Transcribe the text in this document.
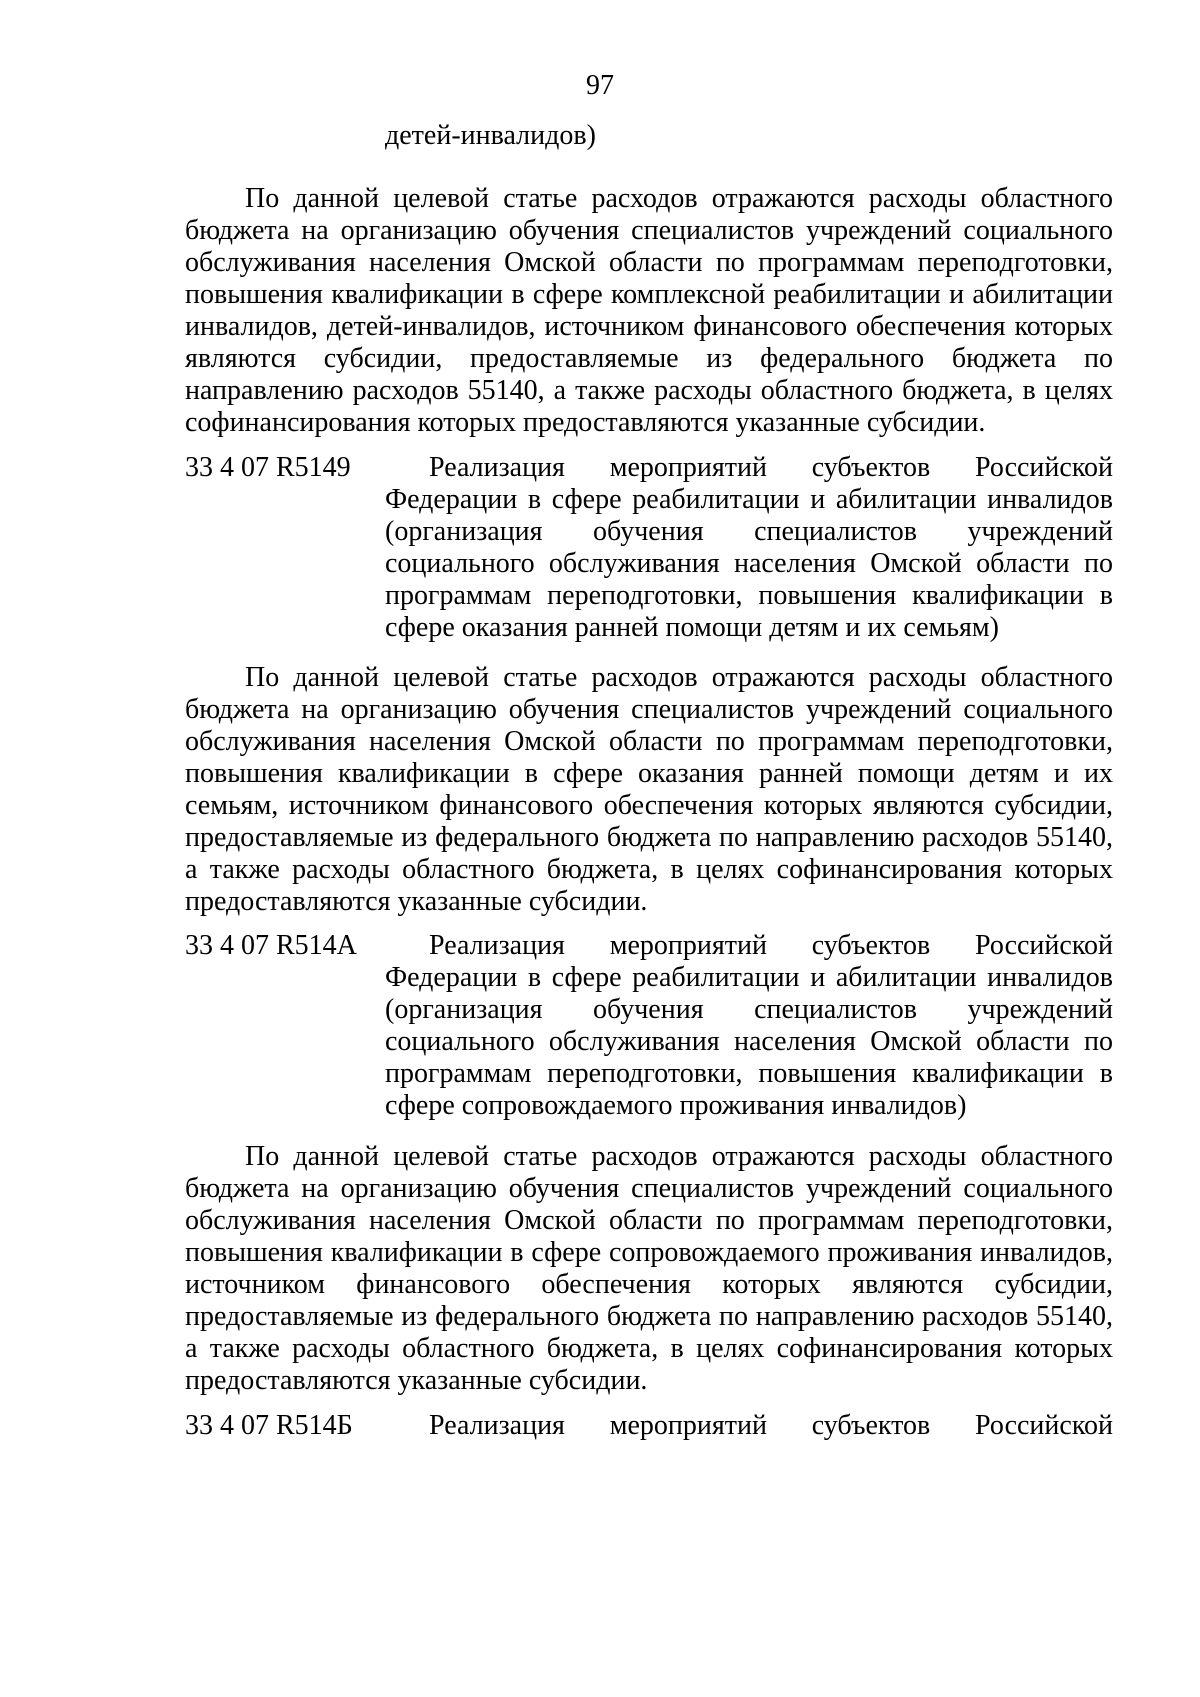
97

детей-инвалидов)

По данной целевой статье расходов отражаются расходы областного бюджета на организацию обучения специалистов учреждений социального обслуживания населения Омской области по программам переподготовки, повышения квалификации в сфере комплексной реабилитации и абилитации инвалидов, детей-инвалидов, источником финансового обеспечения которых являются субсидии, предоставляемые из федерального бюджета по направлению расходов 55140, а также расходы областного бюджета, в целях софинансирования которых предоставляются указанные субсидии.

33 4 07 R5149	Реализация мероприятий субъектов Российской Федерации в сфере реабилитации и абилитации инвалидов (организация обучения специалистов учреждений социального обслуживания населения Омской области по программам переподготовки, повышения квалификации в сфере оказания ранней помощи детям и их семьям)

По данной целевой статье расходов отражаются расходы областного бюджета на организацию обучения специалистов учреждений социального обслуживания населения Омской области по программам переподготовки, повышения квалификации в сфере оказания ранней помощи детям и их семьям, источником финансового обеспечения которых являются субсидии, предоставляемые из федерального бюджета по направлению расходов 55140, а также расходы областного бюджета, в целях софинансирования которых предоставляются указанные субсидии.

33 4 07 R514A	Реализация мероприятий субъектов Российской Федерации в сфере реабилитации и абилитации инвалидов (организация обучения специалистов учреждений социального обслуживания населения Омской области по программам переподготовки, повышения квалификации в сфере сопровождаемого проживания инвалидов)

По данной целевой статье расходов отражаются расходы областного бюджета на организацию обучения специалистов учреждений социального обслуживания населения Омской области по программам переподготовки, повышения квалификации в сфере сопровождаемого проживания инвалидов, источником финансового обеспечения которых являются субсидии, предоставляемые из федерального бюджета по направлению расходов 55140, а также расходы областного бюджета, в целях софинансирования которых предоставляются указанные субсидии.

33 4 07 R514Б	Реализация мероприятий субъектов Российской
